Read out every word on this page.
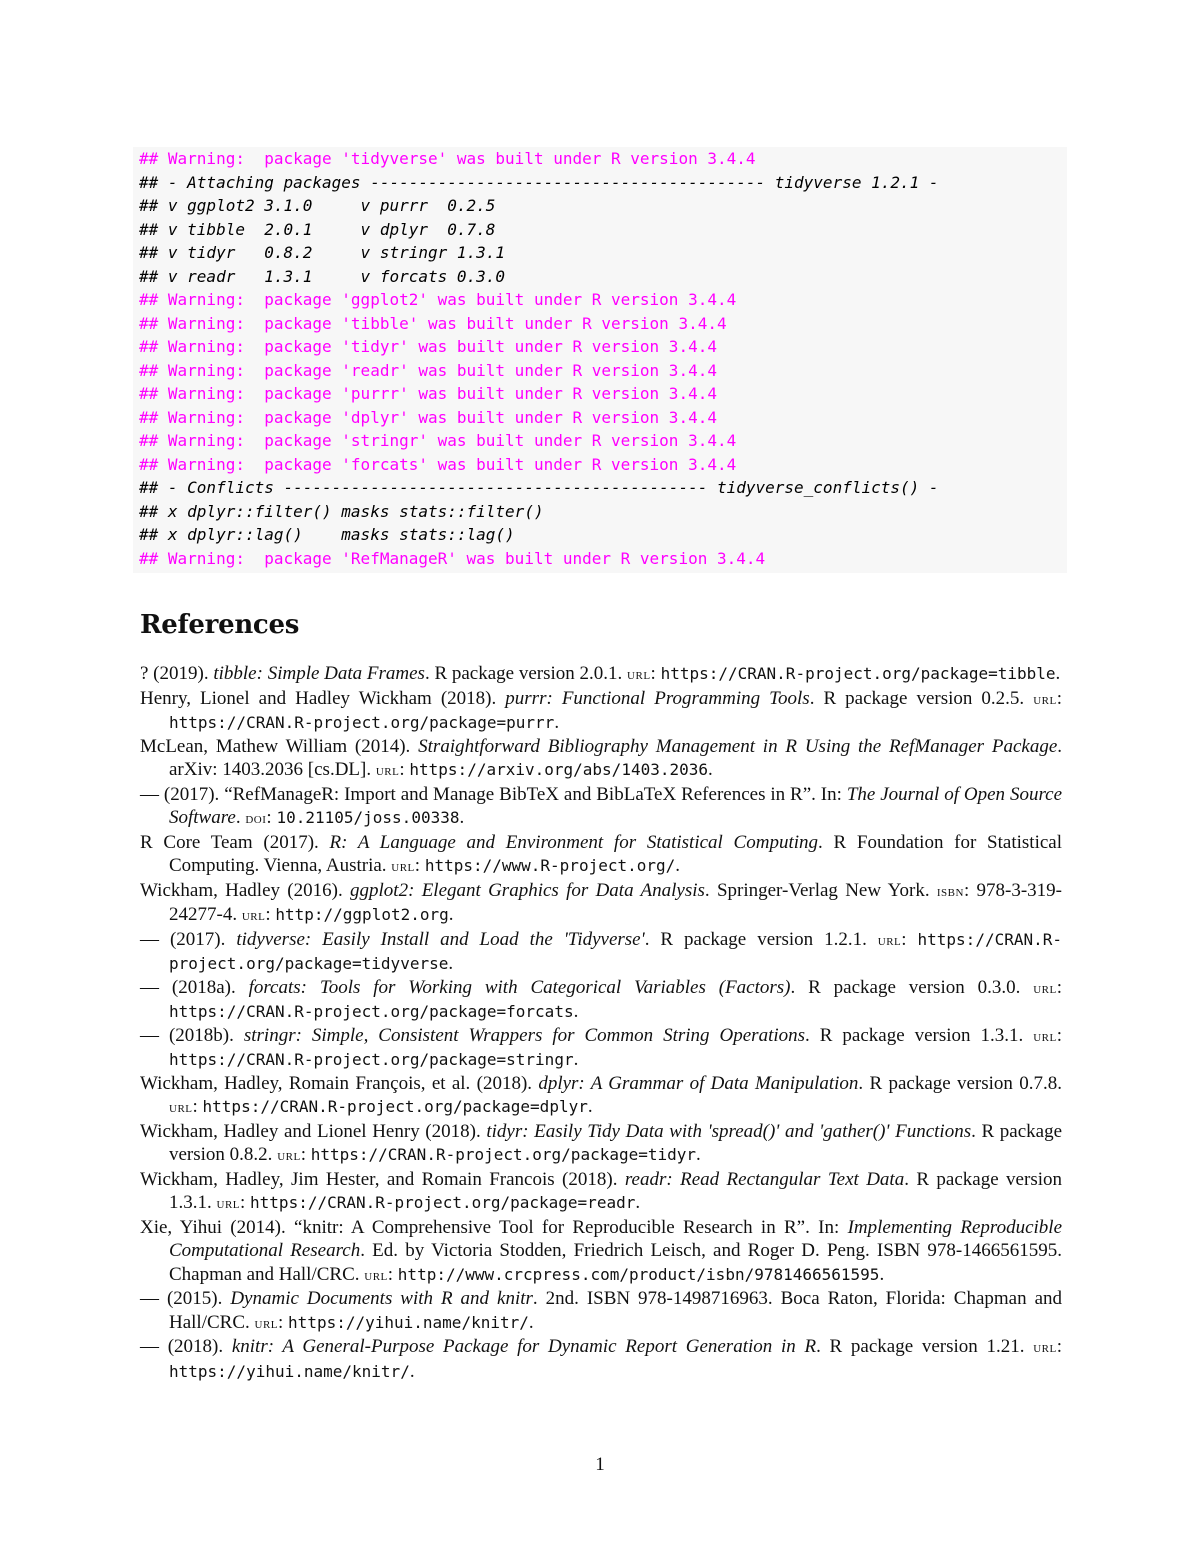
## Warning:  package 'tidyverse' was built under R version 3.4.4
## - Attaching packages ----------------------------------------- tidyverse 1.2.1 -
## v ggplot2 3.1.0     v purrr  0.2.5
## v tibble  2.0.1     v dplyr  0.7.8
## v tidyr   0.8.2     v stringr 1.3.1
## v readr   1.3.1     v forcats 0.3.0
## Warning:  package 'ggplot2' was built under R version 3.4.4
## Warning:  package 'tibble' was built under R version 3.4.4
## Warning:  package 'tidyr' was built under R version 3.4.4
## Warning:  package 'readr' was built under R version 3.4.4
## Warning:  package 'purrr' was built under R version 3.4.4
## Warning:  package 'dplyr' was built under R version 3.4.4
## Warning:  package 'stringr' was built under R version 3.4.4
## Warning:  package 'forcats' was built under R version 3.4.4
## - Conflicts -------------------------------------------- tidyverse_conflicts() -
## x dplyr::filter() masks stats::filter()
## x dplyr::lag()    masks stats::lag()
## Warning:  package 'RefManageR' was built under R version 3.4.4
References
? (2019). tibble: Simple Data Frames. R package version 2.0.1. url: https://CRAN.R-project.org/package=tibble.
Henry, Lionel and Hadley Wickham (2018). purrr: Functional Programming Tools. R package version 0.2.5. url: https://CRAN.R-project.org/package=purrr.
McLean, Mathew William (2014). Straightforward Bibliography Management in R Using the RefManager Package. arXiv: 1403.2036 [cs.DL]. url: https://arxiv.org/abs/1403.2036.
— (2017). “RefManageR: Import and Manage BibTeX and BibLaTeX References in R”. In: The Journal of Open Source Software. doi: 10.21105/joss.00338.
R Core Team (2017). R: A Language and Environment for Statistical Computing. R Foundation for Statistical Computing. Vienna, Austria. url: https://www.R-project.org/.
Wickham, Hadley (2016). ggplot2: Elegant Graphics for Data Analysis. Springer-Verlag New York. isbn: 978-3-319-24277-4. url: http://ggplot2.org.
— (2017). tidyverse: Easily Install and Load the 'Tidyverse'. R package version 1.2.1. url: https://CRAN.R-project.org/package=tidyverse.
— (2018a). forcats: Tools for Working with Categorical Variables (Factors). R package version 0.3.0. url: https://CRAN.R-project.org/package=forcats.
— (2018b). stringr: Simple, Consistent Wrappers for Common String Operations. R package version 1.3.1. url: https://CRAN.R-project.org/package=stringr.
Wickham, Hadley, Romain François, et al. (2018). dplyr: A Grammar of Data Manipulation. R package version 0.7.8. url: https://CRAN.R-project.org/package=dplyr.
Wickham, Hadley and Lionel Henry (2018). tidyr: Easily Tidy Data with 'spread()' and 'gather()' Functions. R package version 0.8.2. url: https://CRAN.R-project.org/package=tidyr.
Wickham, Hadley, Jim Hester, and Romain Francois (2018). readr: Read Rectangular Text Data. R package version 1.3.1. url: https://CRAN.R-project.org/package=readr.
Xie, Yihui (2014). “knitr: A Comprehensive Tool for Reproducible Research in R”. In: Implementing Reproducible Computational Research. Ed. by Victoria Stodden, Friedrich Leisch, and Roger D. Peng. ISBN 978-1466561595. Chapman and Hall/CRC. url: http://www.crcpress.com/product/isbn/9781466561595.
— (2015). Dynamic Documents with R and knitr. 2nd. ISBN 978-1498716963. Boca Raton, Florida: Chapman and Hall/CRC. url: https://yihui.name/knitr/.
— (2018). knitr: A General-Purpose Package for Dynamic Report Generation in R. R package version 1.21. url: https://yihui.name/knitr/.
1
